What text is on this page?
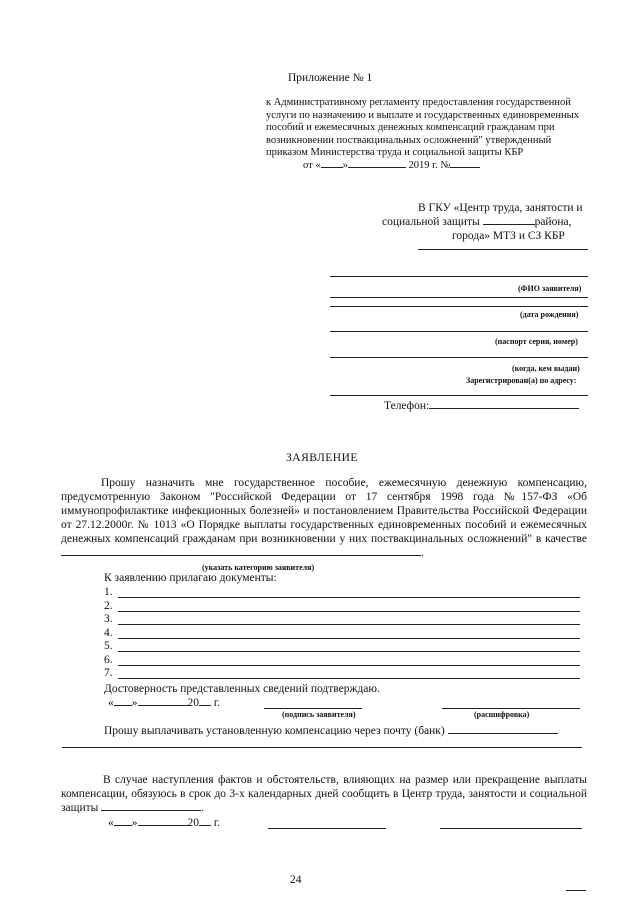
Приложение № 1
к Административному регламенту предоставления государственной
услуги по назначению и выплате и государственных единовременных
пособий и ежемесячных денежных компенсаций гражданам при
возникновении поствакцинальных осложнений" утвержденный
приказом Министерства труда и социальной защиты КБР
от « »	2019 г. №
В ГКУ «Центр труда, занятости и
социальной защиты	района,
города» МТЗ и СЗ КБР
(ФИО заявителя)
(дата рождения)
(паспорт серия, номер)
(когда, кем выдан)
Зарегистрирован(а) по адресу:
Телефон:
ЗАЯВЛЕНИЕ
Прошу назначить мне государственное пособие, ежемесячную денежную компенсацию, предусмотренную Законом "Российской Федерации от 17 сентября 1998 года №157-ФЗ «Об иммунопрофилактике инфекционных болезней» и постановлением Правительства Российской Федерации от 27.12.2000г. № 1013 «О Порядке выплаты государственных единовременных пособий и ежемесячных денежных компенсаций гражданам при возникновении у них поствакцинальных осложнений" в качестве .
(указать категорию заявителя)
К заявлению прилагаю документы:
1.
2.
3.
4.
5.
6.
7.
Достоверность представленных сведений подтверждаю.
« »	20 г.
(подпись заявителя)	(расшифровка)
Прошу выплачивать установленную компенсацию через почту (банк)
В случае наступления фактов и обстоятельств, влияющих на размер или прекращение выплаты компенсации, обязуюсь в срок до 3-х календарных дней сообщить в Центр труда, занятости и социальной защиты	.
« »	20 г.
24
